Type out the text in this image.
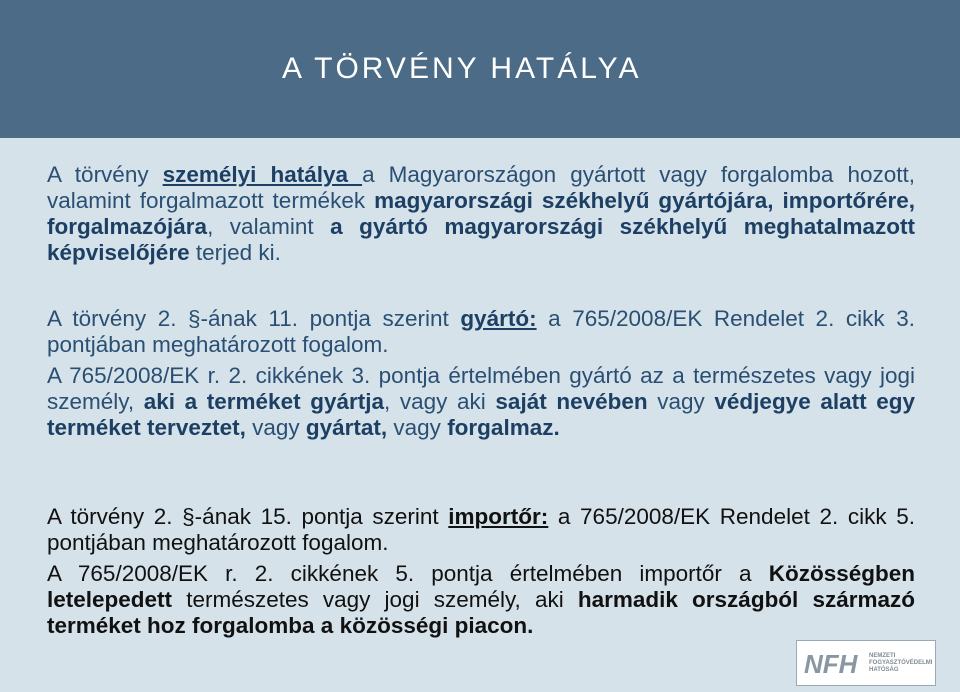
A TÖRVÉNY HATÁLYA
A törvény személyi hatálya a Magyarországon gyártott vagy forgalomba hozott, valamint forgalmazott termékek magyarországi székhelyű gyártójára, importőrére, forgalmazójára, valamint a gyártó magyarországi székhelyű meghatalmazott képviselőjére terjed ki.
A törvény 2. §-ának 11. pontja szerint gyártó: a 765/2008/EK Rendelet 2. cikk 3. pontjában meghatározott fogalom.
A 765/2008/EK r. 2. cikkének 3. pontja értelmében gyártó az a természetes vagy jogi személy, aki a terméket gyártja, vagy aki saját nevében vagy védjegye alatt egy terméket terveztet, vagy gyártat, vagy forgalmaz.
A törvény 2. §-ának 15. pontja szerint importőr: a 765/2008/EK Rendelet 2. cikk 5. pontjában meghatározott fogalom.
A 765/2008/EK r. 2. cikkének 5. pontja értelmében importőr a Közösségben letelepedett természetes vagy jogi személy, aki harmadik országból származó terméket hoz forgalomba a közösségi piacon.
NFH NEMZETI
FOGYASZTÓVÉDELMI
HATÓSÁG
